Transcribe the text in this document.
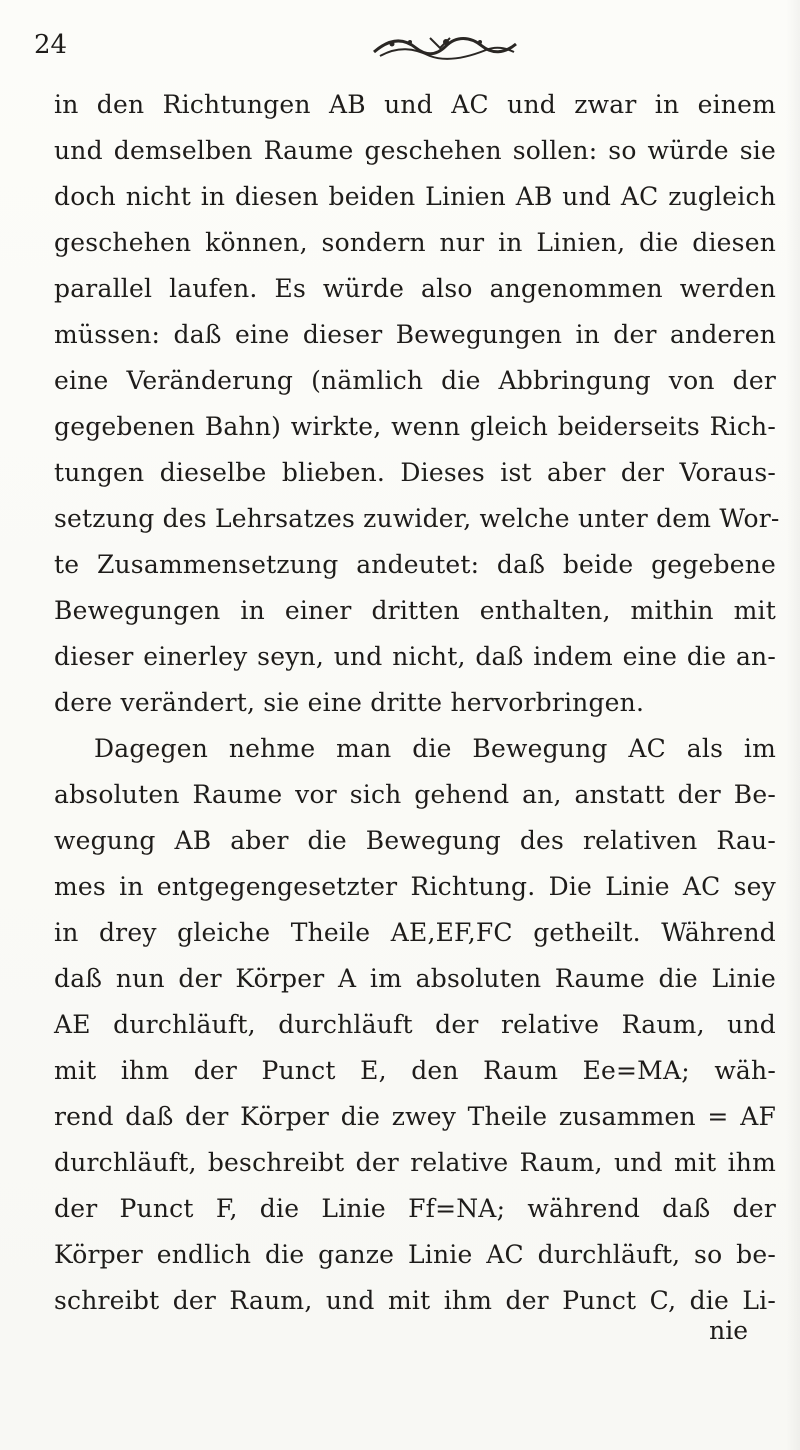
24
in den Richtungen AB und AC und zwar in einem
und demselben Raume geschehen sollen: so würde sie
doch nicht in diesen beiden Linien AB und AC zugleich
geschehen können, sondern nur in Linien, die diesen
parallel laufen. Es würde also angenommen werden
müssen: daß eine dieser Bewegungen in der anderen
eine Veränderung (nämlich die Abbringung von der
gegebenen Bahn) wirkte, wenn gleich beiderseits Rich-
tungen dieselbe blieben. Dieses ist aber der Voraus-
setzung des Lehrsatzes zuwider, welche unter dem Wor-
te Zusammensetzung andeutet: daß beide gegebene
Bewegungen in einer dritten enthalten, mithin mit
dieser einerley seyn, und nicht, daß indem eine die an-
dere verändert, sie eine dritte hervorbringen.
Dagegen nehme man die Bewegung AC als im
absoluten Raume vor sich gehend an, anstatt der Be-
wegung AB aber die Bewegung des relativen Rau-
mes in entgegengesetzter Richtung. Die Linie AC sey
in drey gleiche Theile AE,EF,FC getheilt. Während
daß nun der Körper A im absoluten Raume die Linie
AE durchläuft, durchläuft der relative Raum, und
mit ihm der Punct E, den Raum Ee=MA; wäh-
rend daß der Körper die zwey Theile zusammen = AF
durchläuft, beschreibt der relative Raum, und mit ihm
der Punct F, die Linie Ff=NA; während daß der
Körper endlich die ganze Linie AC durchläuft, so be-
schreibt der Raum, und mit ihm der Punct C, die Li-
nie
